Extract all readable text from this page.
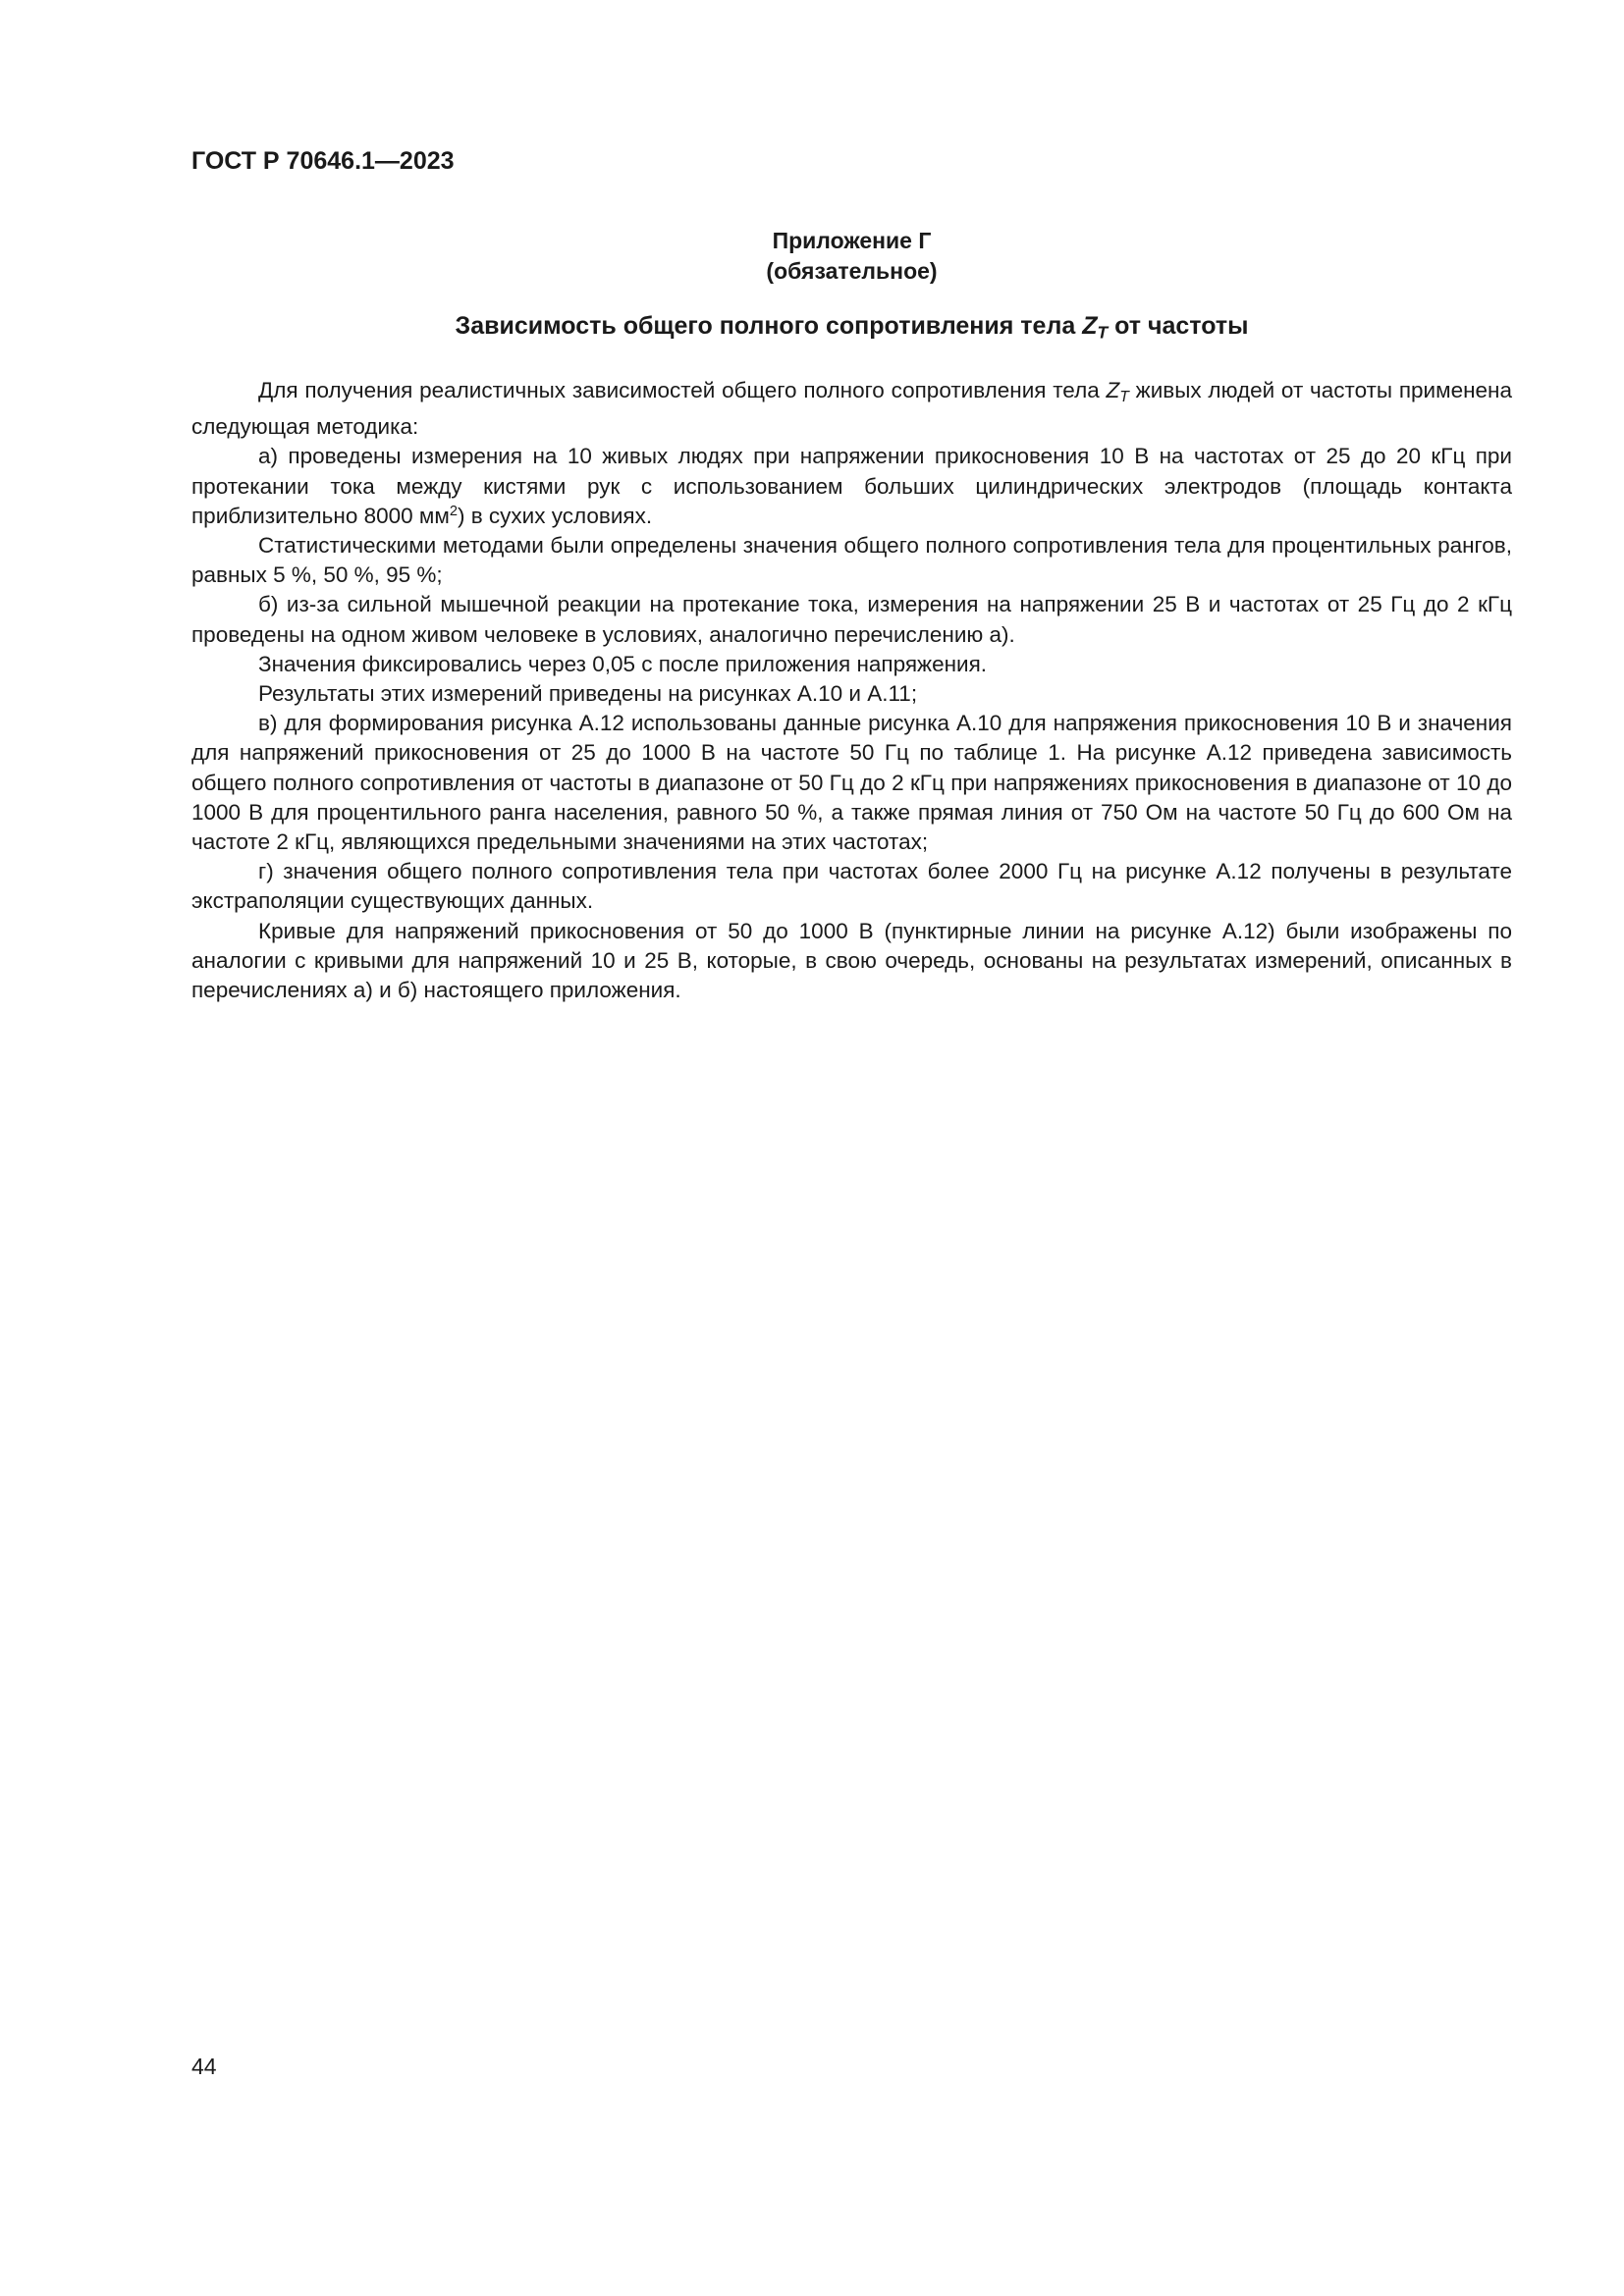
ГОСТ Р 70646.1—2023
Приложение Г
(обязательное)
Зависимость общего полного сопротивления тела $Z_T$ от частоты

Для получения реалистичных зависимостей общего полного сопротивления тела $Z_T$ живых людей от частоты применена следующая методика:

а) проведены измерения на 10 живых людях при напряжении прикосновения 10 В на частотах от 25 до 20 кГц при протекании тока между кистями рук с использованием больших цилиндрических электродов (площадь контакта приблизительно 8000 $мм^2$) в сухих условиях.

Статистическими методами были определены значения общего полного сопротивления тела для процентильных рангов, равных 5 %, 50 %, 95 %;

б) из-за сильной мышечной реакции на протекание тока, измерения на напряжении 25 В и частотах от 25 Гц до 2 кГц проведены на одном живом человеке в условиях, аналогично перечислению а).

Значения фиксировались через 0,05 с после приложения напряжения.

Результаты этих измерений приведены на рисунках А.10 и А.11;

в) для формирования рисунка А.12 использованы данные рисунка А.10 для напряжения прикосновения 10 В и значения для напряжений прикосновения от 25 до 1000 В на частоте 50 Гц по таблице 1. На рисунке А.12 приведена зависимость общего полного сопротивления от частоты в диапазоне от 50 Гц до 2 кГц при напряжениях прикосновения в диапазоне от 10 до 1000 В для процентильного ранга населения, равного 50 %, а также прямая линия от 750 Ом на частоте 50 Гц до 600 Ом на частоте 2 кГц, являющихся предельными значениями на этих частотах;

г) значения общего полного сопротивления тела при частотах более 2000 Гц на рисунке А.12 получены в результате экстраполяции существующих данных.

Кривые для напряжений прикосновения от 50 до 1000 В (пунктирные линии на рисунке А.12) были изображены по аналогии с кривыми для напряжений 10 и 25 В, которые, в свою очередь, основаны на результатах измерений, описанных в перечислениях а) и б) настоящего приложения.

44
